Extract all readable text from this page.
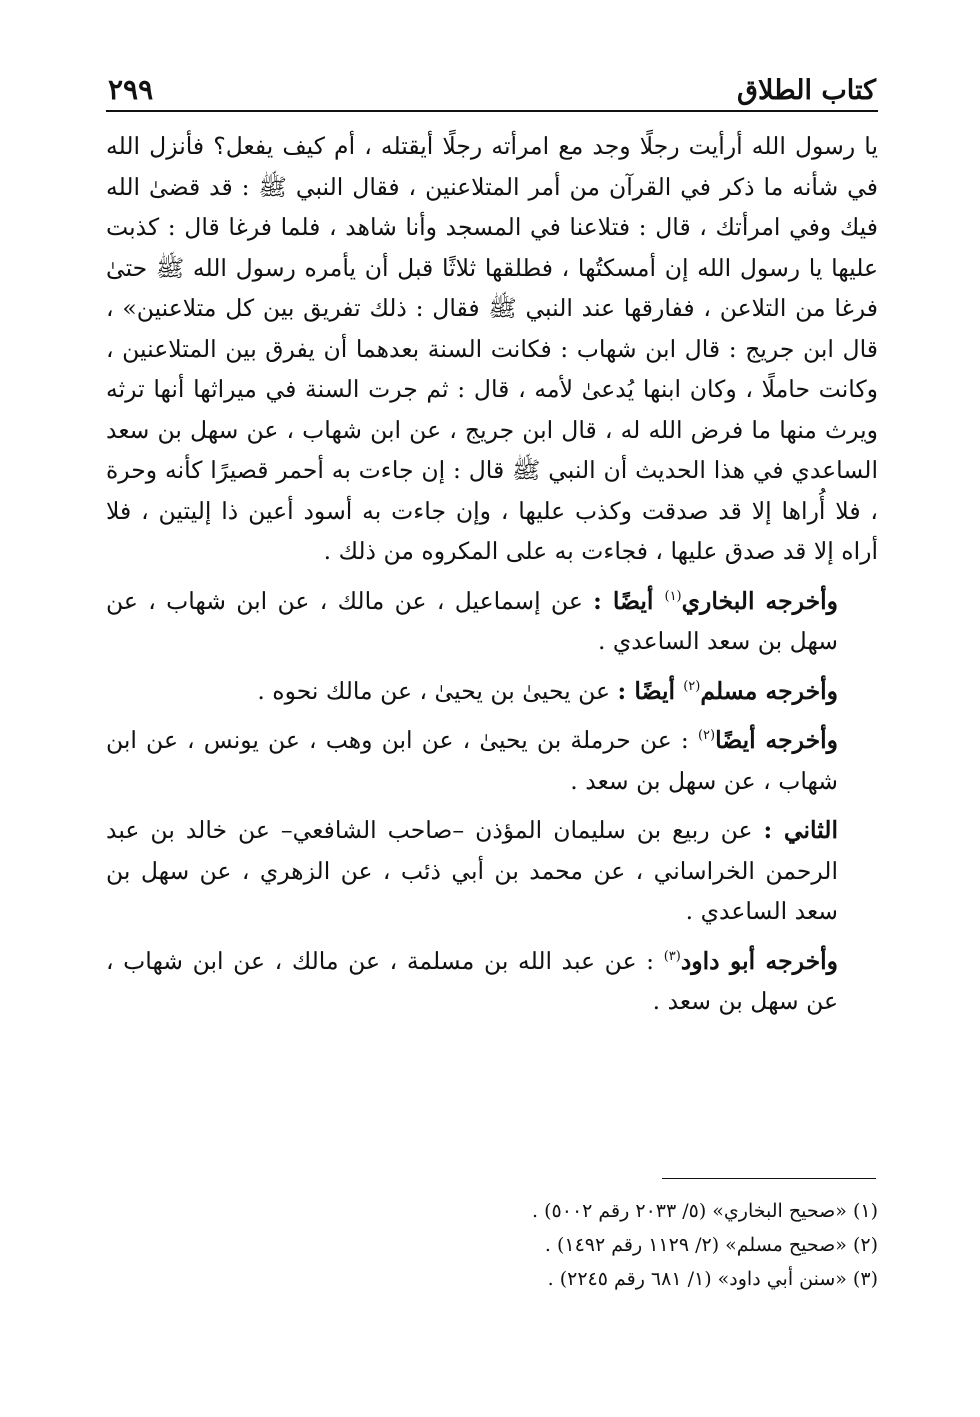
كتاب الطلاق
٢٩٩

يا رسول الله أرأيت رجلًا وجد مع امرأته رجلًا أيقتله ، أم كيف يفعل؟ فأنزل الله في شأنه ما ذكر في القرآن من أمر المتلاعنين ، فقال النبي ﷺ : قد قضىٰ الله فيك وفي امرأتك ، قال : فتلاعنا في المسجد وأنا شاهد ، فلما فرغا قال : كذبت عليها يا رسول الله إن أمسكتُها ، فطلقها ثلاثًا قبل أن يأمره رسول الله ﷺ حتىٰ فرغا من التلاعن ، ففارقها عند النبي ﷺ فقال : ذلك تفريق بين كل متلاعنين» ، قال ابن جريج : قال ابن شهاب : فكانت السنة بعدهما أن يفرق بين المتلاعنين ، وكانت حاملًا ، وكان ابنها يُدعىٰ لأمه ، قال : ثم جرت السنة في ميراثها أنها ترثه ويرث منها ما فرض الله له ، قال ابن جريج ، عن ابن شهاب ، عن سهل بن سعد الساعدي في هذا الحديث أن النبي ﷺ قال : إن جاءت به أحمر قصيرًا كأنه وحرة ، فلا أُراها إلا قد صدقت وكذب عليها ، وإن جاءت به أسود أعين ذا إليتين ، فلا أراه إلا قد صدق عليها ، فجاءت به على المكروه من ذلك .

وأخرجه البخاري$^{(١)}$ أيضًا : عن إسماعيل ، عن مالك ، عن ابن شهاب ، عن سهل بن سعد الساعدي .

وأخرجه مسلم$^{(٢)}$ أيضًا : عن يحيىٰ بن يحيىٰ ، عن مالك نحوه .

وأخرجه أيضًا$^{(٢)}$ : عن حرملة بن يحيىٰ ، عن ابن وهب ، عن يونس ، عن ابن شهاب ، عن سهل بن سعد .

الثاني : عن ربيع بن سليمان المؤذن –صاحب الشافعي– عن خالد بن عبد الرحمن الخراساني ، عن محمد بن أبي ذئب ، عن الزهري ، عن سهل بن سعد الساعدي .

وأخرجه أبو داود$^{(٣)}$ : عن عبد الله بن مسلمة ، عن مالك ، عن ابن شهاب ، عن سهل بن سعد .

(١) «صحيح البخاري» (٥/ ٢٠٣٣ رقم ٥٠٠٢) .

(٢) «صحيح مسلم» (٢/ ١١٢٩ رقم ١٤٩٢) .

(٣) «سنن أبي داود» (١/ ٦٨١ رقم ٢٢٤٥) .
